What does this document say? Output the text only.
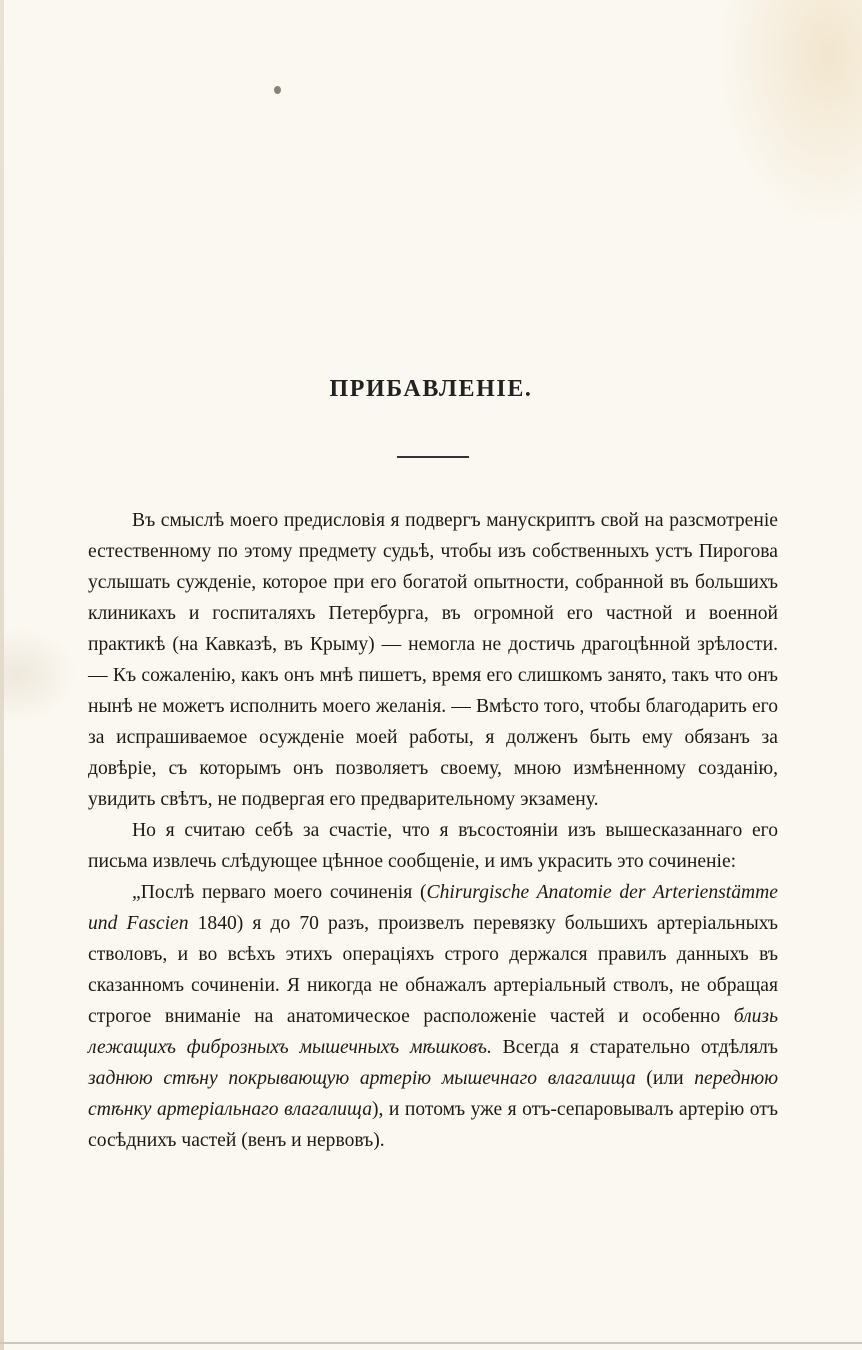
ПРИБАВЛЕНІЕ.

Въ смыслѣ моего предисловія я подвергъ манускриптъ свой на разсмотреніе естественному по этому предмету судьѣ, чтобы изъ собственныхъ устъ Пирогова услышать сужденіе, которое при его богатой опытности, собранной въ большихъ клиникахъ и госпиталяхъ Петербурга, въ огромной его частной и военной практикѣ (на Кавказѣ, въ Крыму) — немогла не достичь драгоцѣнной зрѣлости. — Къ сожаленію, какъ онъ мнѣ пишетъ, время его слишкомъ занято, такъ что онъ нынѣ не можетъ исполнить моего желанія. — Вмѣсто того, чтобы благодарить его за испрашиваемое осужденіе моей работы, я долженъ быть ему обязанъ за довѣріе, съ которымъ онъ позволяетъ своему, мною измѣненному созданію, увидить свѣтъ, не подвергая его предварительному экзамену.

Но я считаю себѣ за счастіе, что я въсостояніи изъ вышесказаннаго его письма извлечь слѣдующее цѣнное сообщеніе, и имъ украсить это сочиненіе:

„Послѣ перваго моего сочиненія (Chirurgische Anatomie der Arterienstämme und Fascien 1840) я до 70 разъ, произвелъ перевязку большихъ артеріальныхъ стволовъ, и во всѣхъ этихъ операціяхъ строго держался правилъ данныхъ въ сказанномъ сочиненіи. Я никогда не обнажалъ артеріальный стволъ, не обращая строгое вниманіе на анатомическое расположеніе частей и особенно близь лежащихъ фиброзныхъ мышечныхъ мѣшковъ. Всегда я старательно отдѣлялъ заднюю стѣну покрывающую артерію мышечнаго влагалища (или переднюю стѣнку артеріальнаго влагалища), и потомъ уже я отъ-сепаровывалъ артерію отъ сосѣднихъ частей (венъ и нервовъ).
